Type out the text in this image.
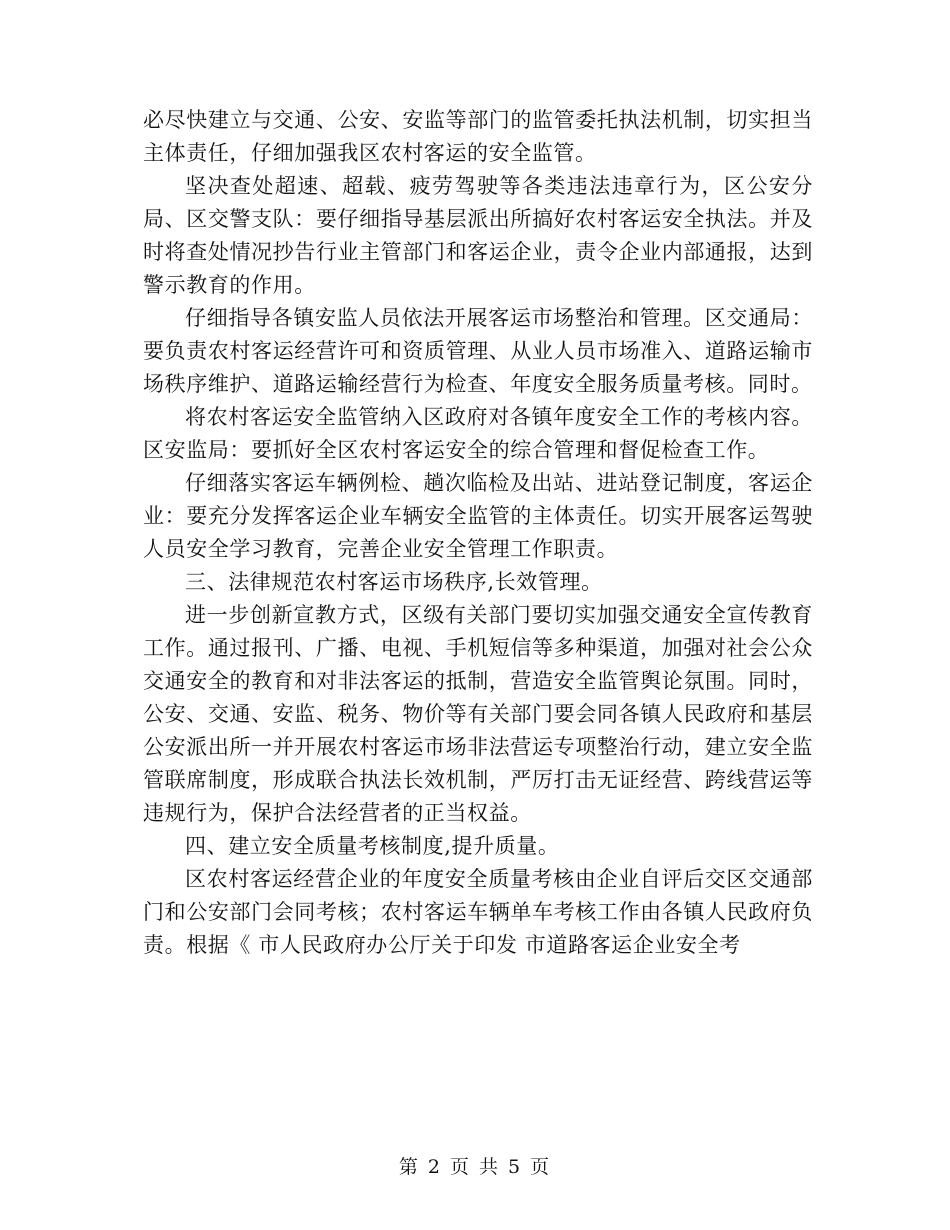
必尽快建立与交通、公安、安监等部门的监管委托执法机制，切实担当主体责任，仔细加强我区农村客运的安全监管。

坚决查处超速、超载、疲劳驾驶等各类违法违章行为，区公安分局、区交警支队：要仔细指导基层派出所搞好农村客运安全执法。并及时将查处情况抄告行业主管部门和客运企业，责令企业内部通报，达到警示教育的作用。

仔细指导各镇安监人员依法开展客运市场整治和管理。区交通局：要负责农村客运经营许可和资质管理、从业人员市场准入、道路运输市场秩序维护、道路运输经营行为检查、年度安全服务质量考核。同时。

将农村客运安全监管纳入区政府对各镇年度安全工作的考核内容。区安监局：要抓好全区农村客运安全的综合管理和督促检查工作。

仔细落实客运车辆例检、趟次临检及出站、进站登记制度，客运企业：要充分发挥客运企业车辆安全监管的主体责任。切实开展客运驾驶人员安全学习教育，完善企业安全管理工作职责。

三、法律规范农村客运市场秩序,长效管理。

进一步创新宣教方式，区级有关部门要切实加强交通安全宣传教育工作。通过报刊、广播、电视、手机短信等多种渠道，加强对社会公众交通安全的教育和对非法客运的抵制，营造安全监管舆论氛围。同时，公安、交通、安监、税务、物价等有关部门要会同各镇人民政府和基层公安派出所一并开展农村客运市场非法营运专项整治行动，建立安全监管联席制度，形成联合执法长效机制，严厉打击无证经营、跨线营运等违规行为，保护合法经营者的正当权益。

四、建立安全质量考核制度,提升质量。

区农村客运经营企业的年度安全质量考核由企业自评后交区交通部门和公安部门会同考核；农村客运车辆单车考核工作由各镇人民政府负责。根据《 市人民政府办公厅关于印发 市道路客运企业安全考

第 2 页 共 5 页
